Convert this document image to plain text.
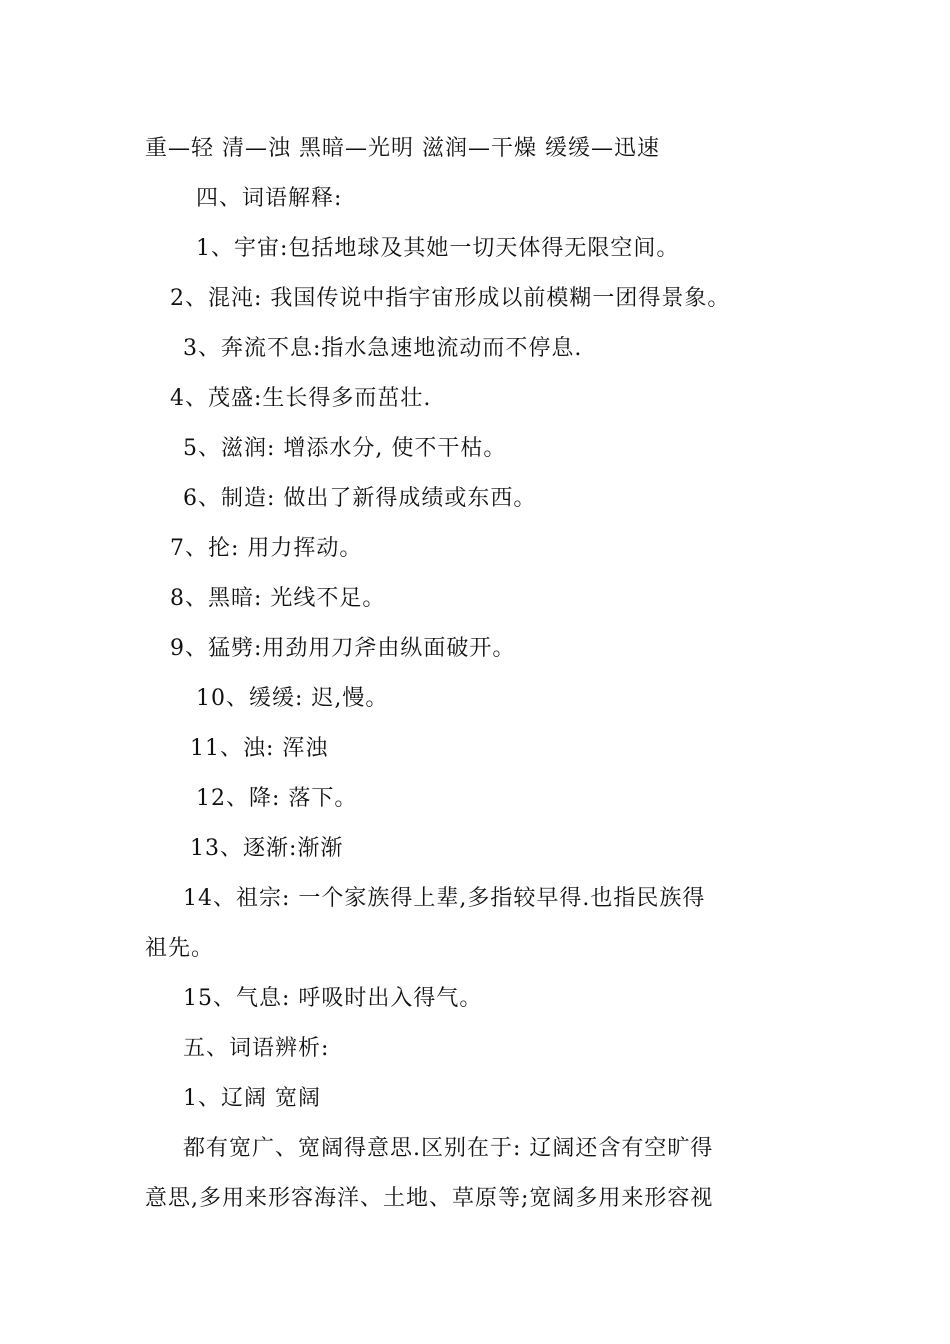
重—轻 清—浊 黑暗—光明 滋润—干燥 缓缓—迅速
四、词语解释:
1、宇宙:包括地球及其她一切天体得无限空间。
2、混沌: 我国传说中指宇宙形成以前模糊一团得景象。
3、奔流不息:指水急速地流动而不停息.
4、茂盛:生长得多而茁壮.
5、滋润: 增添水分, 使不干枯。
6、制造: 做出了新得成绩或东西。
7、抡: 用力挥动。
8、黑暗: 光线不足。
9、猛劈:用劲用刀斧由纵面破开。
10、缓缓: 迟,慢。
11、浊: 浑浊
12、降: 落下。
13、逐渐:渐渐
14、祖宗: 一个家族得上辈,多指较早得.也指民族得
祖先。
15、气息: 呼吸时出入得气。
五、词语辨析:
1、辽阔 宽阔
都有宽广、宽阔得意思.区别在于: 辽阔还含有空旷得
意思,多用来形容海洋、土地、草原等;宽阔多用来形容视
